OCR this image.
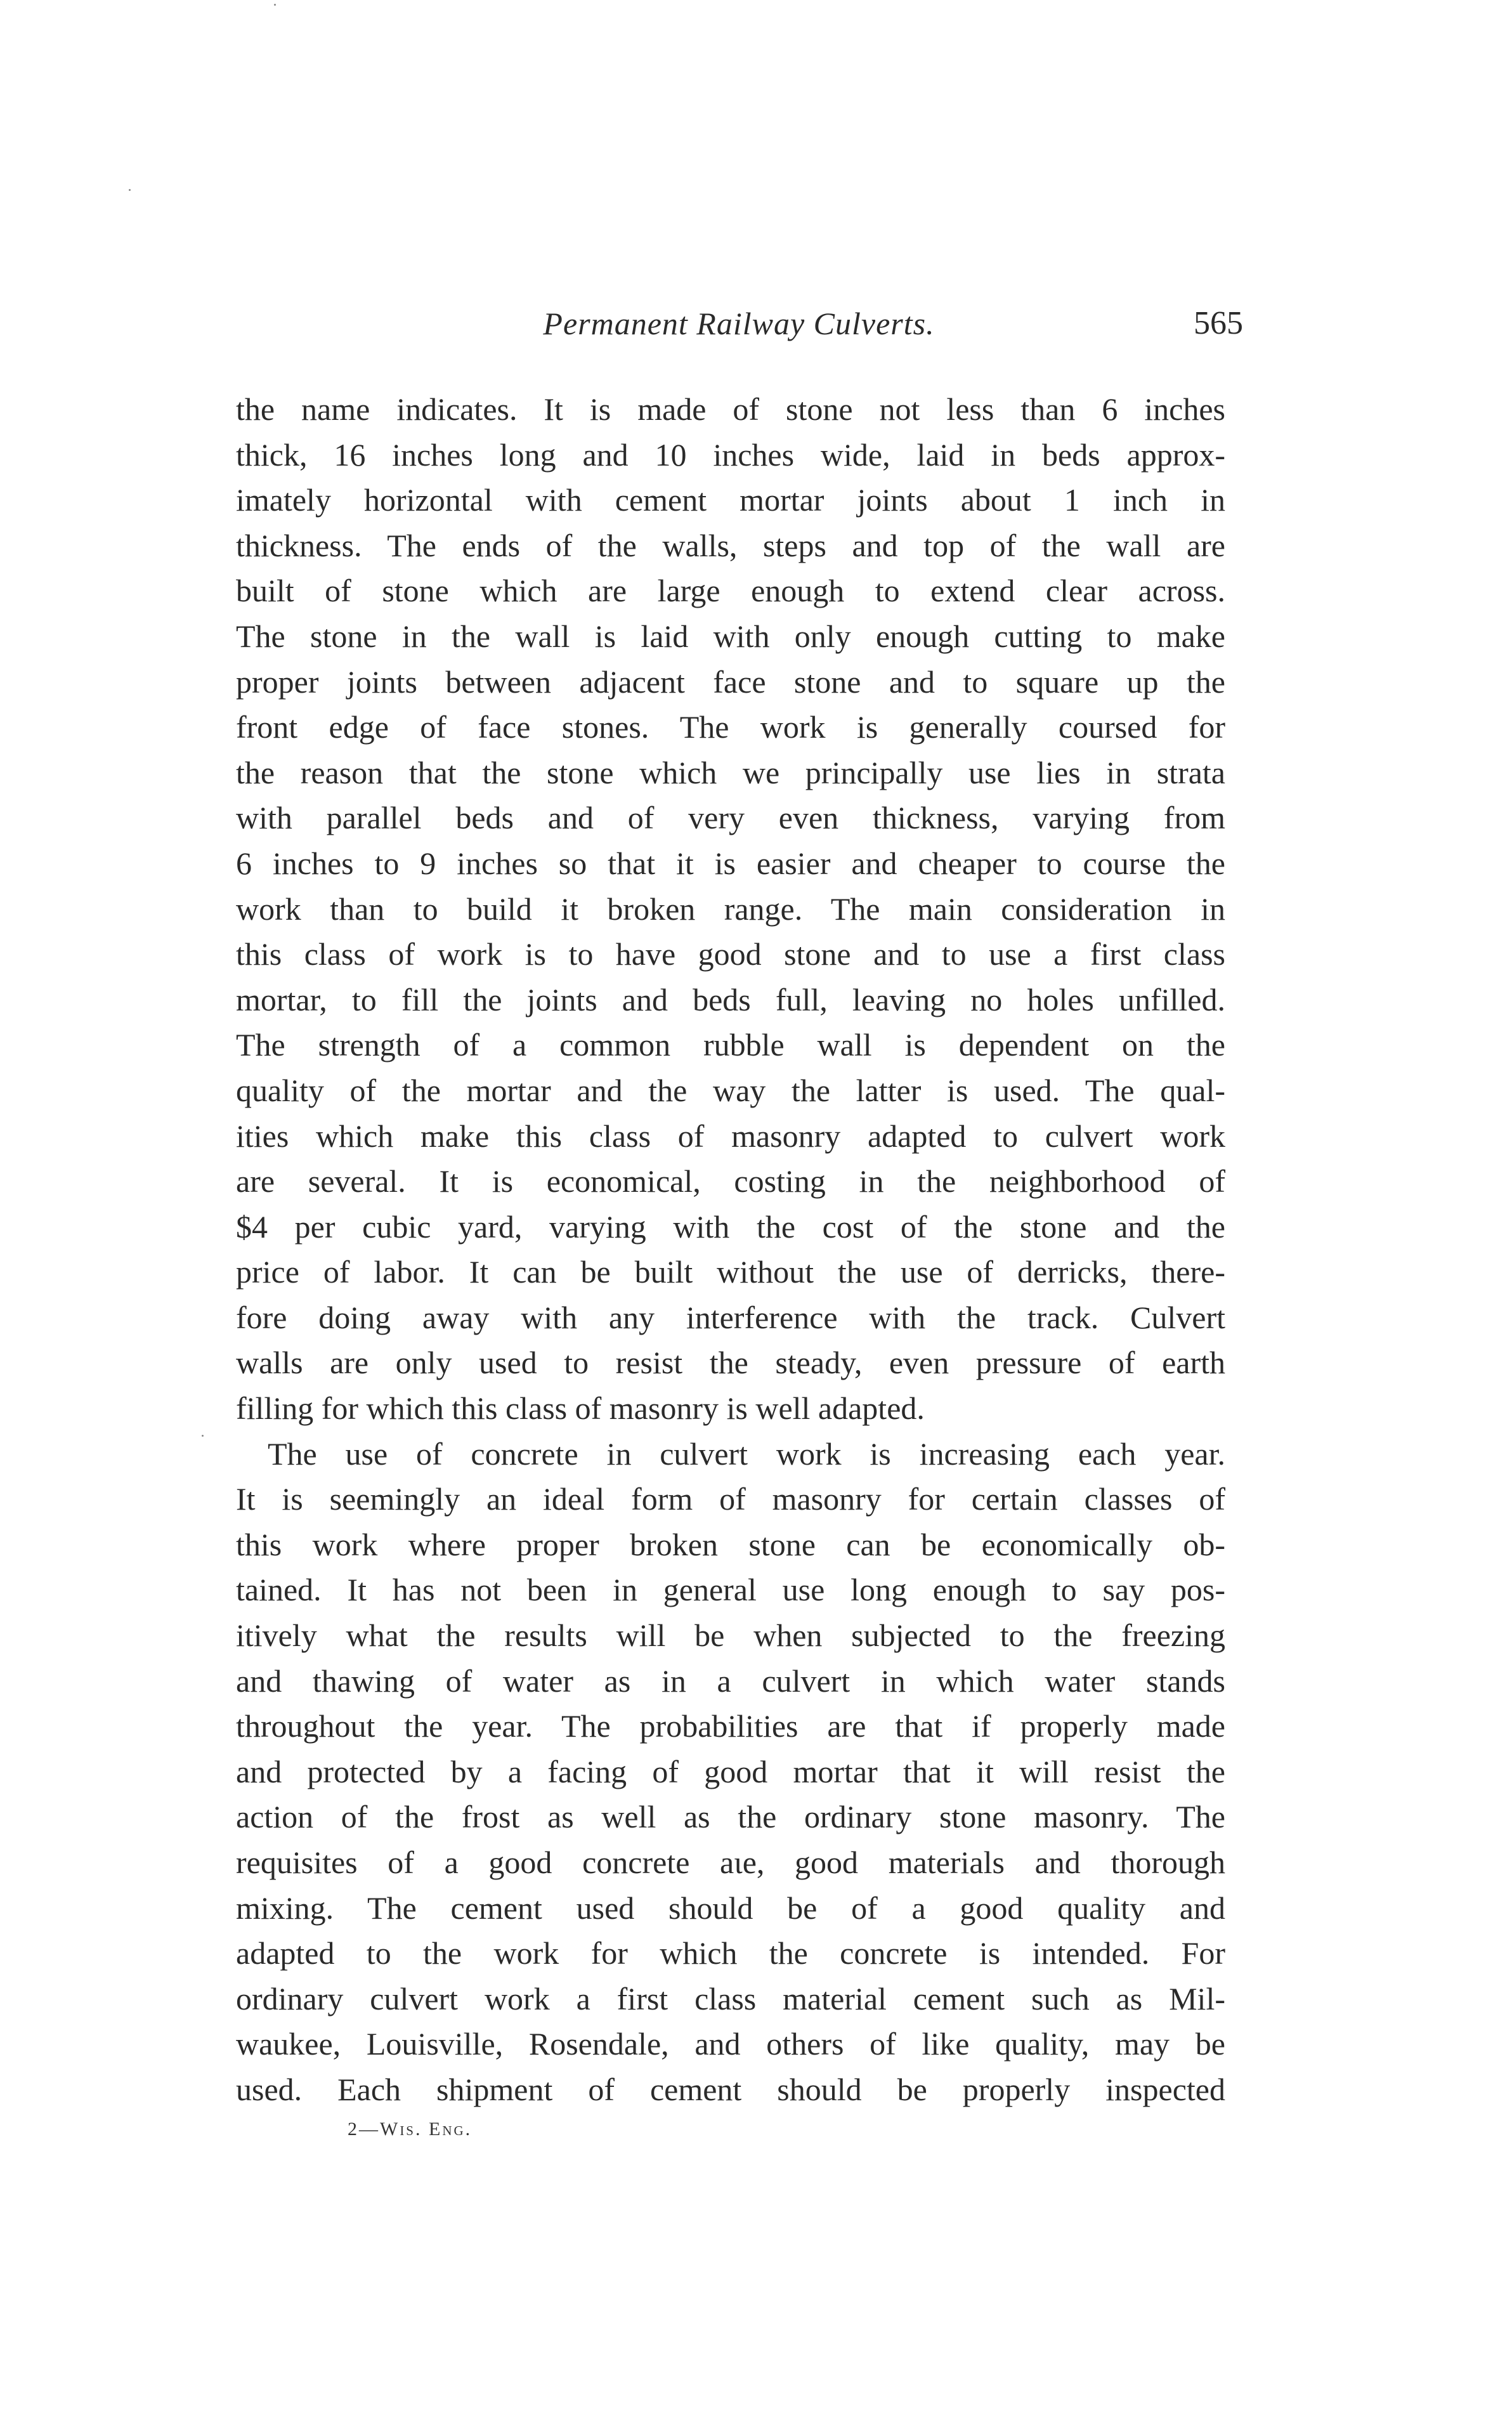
Permanent Railway Culverts.	565
the name indicates. It is made of stone not less than 6 inches
thick, 16 inches long and 10 inches wide, laid in beds approx-
imately horizontal with cement mortar joints about 1 inch in
thickness. The ends of the walls, steps and top of the wall are
built of stone which are large enough to extend clear across.
The stone in the wall is laid with only enough cutting to make
proper joints between adjacent face stone and to square up the
front edge of face stones. The work is generally coursed for
the reason that the stone which we principally use lies in strata
with parallel beds and of very even thickness, varying from
6 inches to 9 inches so that it is easier and cheaper to course the
work than to build it broken range. The main consideration in
this class of work is to have good stone and to use a first class
mortar, to fill the joints and beds full, leaving no holes unfilled.
The strength of a common rubble wall is dependent on the
quality of the mortar and the way the latter is used. The qual-
ities which make this class of masonry adapted to culvert work
are several. It is economical, costing in the neighborhood of
$4 per cubic yard, varying with the cost of the stone and the
price of labor. It can be built without the use of derricks, there-
fore doing away with any interference with the track. Culvert
walls are only used to resist the steady, even pressure of earth
filling for which this class of masonry is well adapted.
The use of concrete in culvert work is increasing each year.
It is seemingly an ideal form of masonry for certain classes of
this work where proper broken stone can be economically ob-
tained. It has not been in general use long enough to say pos-
itively what the results will be when subjected to the freezing
and thawing of water as in a culvert in which water stands
throughout the year. The probabilities are that if properly made
and protected by a facing of good mortar that it will resist the
action of the frost as well as the ordinary stone masonry. The
requisites of a good concrete aιe, good materials and thorough
mixing. The cement used should be of a good quality and
adapted to the work for which the concrete is intended. For
ordinary culvert work a first class material cement such as Mil-
waukee, Louisville, Rosendale, and others of like quality, may be
used. Each shipment of cement should be properly inspected
2—Wis. Eng.
